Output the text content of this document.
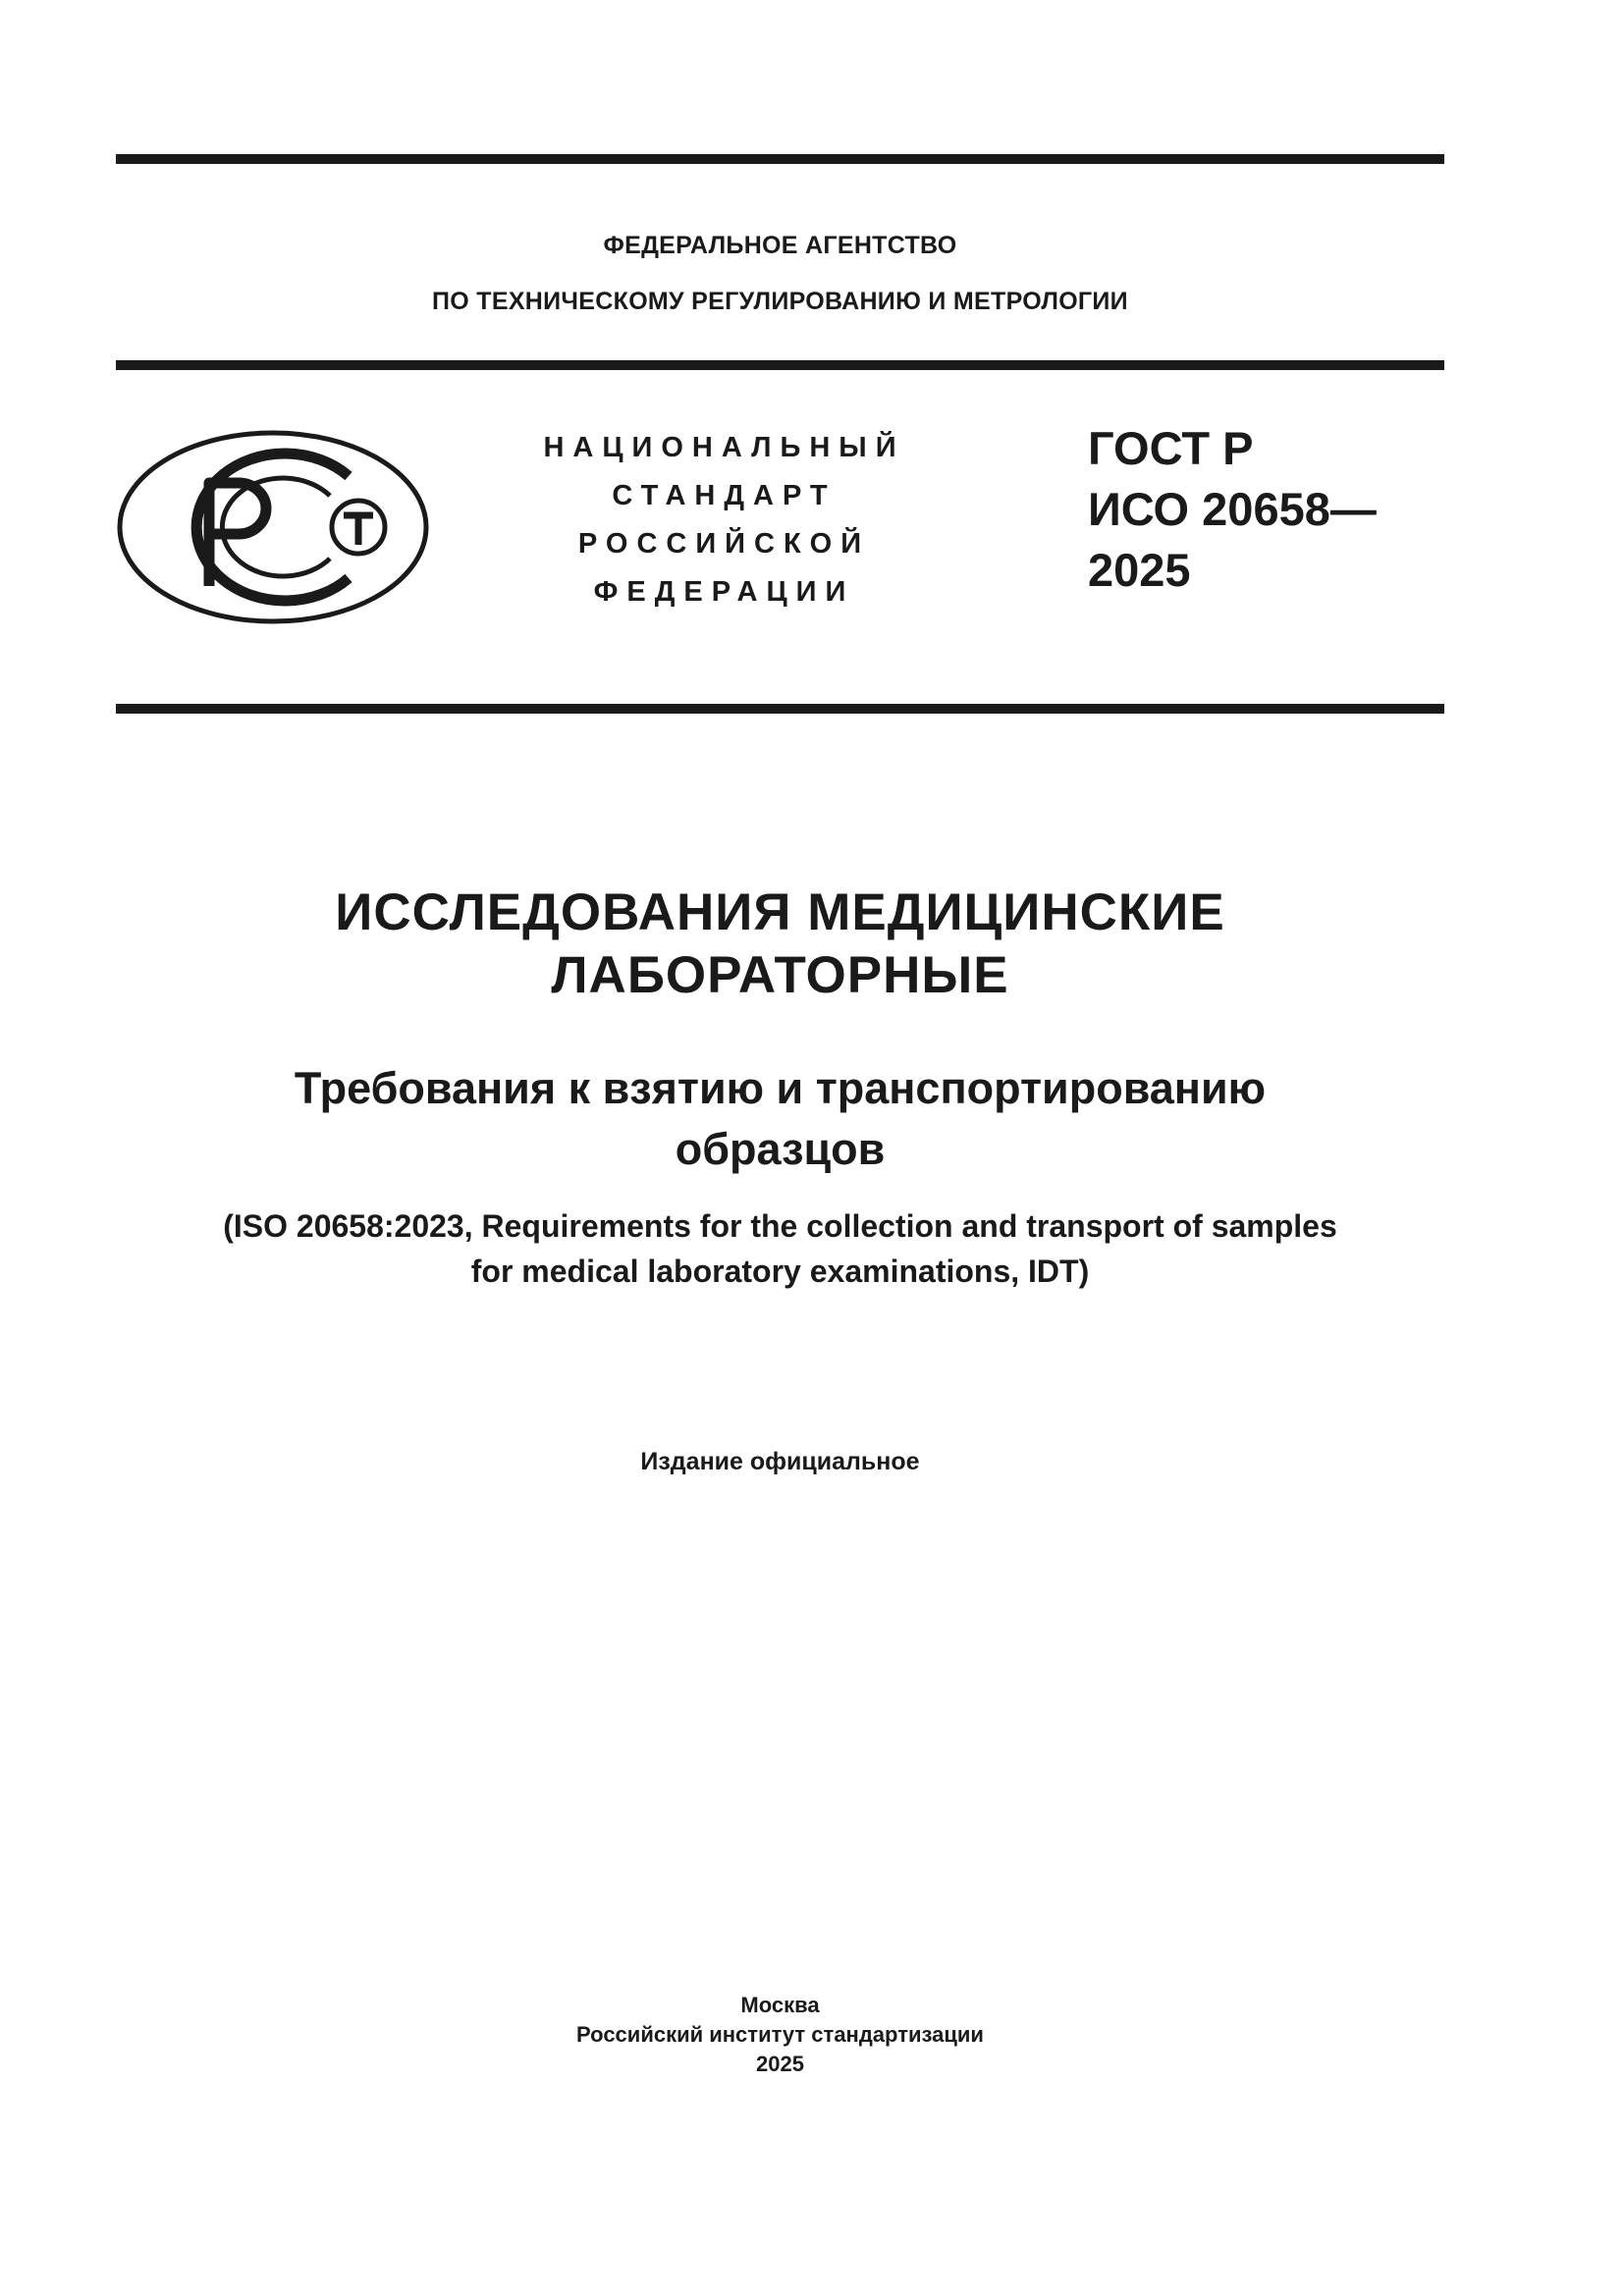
ФЕДЕРАЛЬНОЕ АГЕНТСТВО
ПО ТЕХНИЧЕСКОМУ РЕГУЛИРОВАНИЮ И МЕТРОЛОГИИ
НАЦИОНАЛЬНЫЙ
СТАНДАРТ
РОССИЙСКОЙ
ФЕДЕРАЦИИ
ГОСТ Р
ИСО 20658—
2025
ИССЛЕДОВАНИЯ МЕДИЦИНСКИЕ
ЛАБОРАТОРНЫЕ
Требования к взятию и транспортированию
образцов
(ISO 20658:2023, Requirements for the collection and transport of samples
for medical laboratory examinations, IDT)
Издание официальное
Москва
Российский институт стандартизации
2025
